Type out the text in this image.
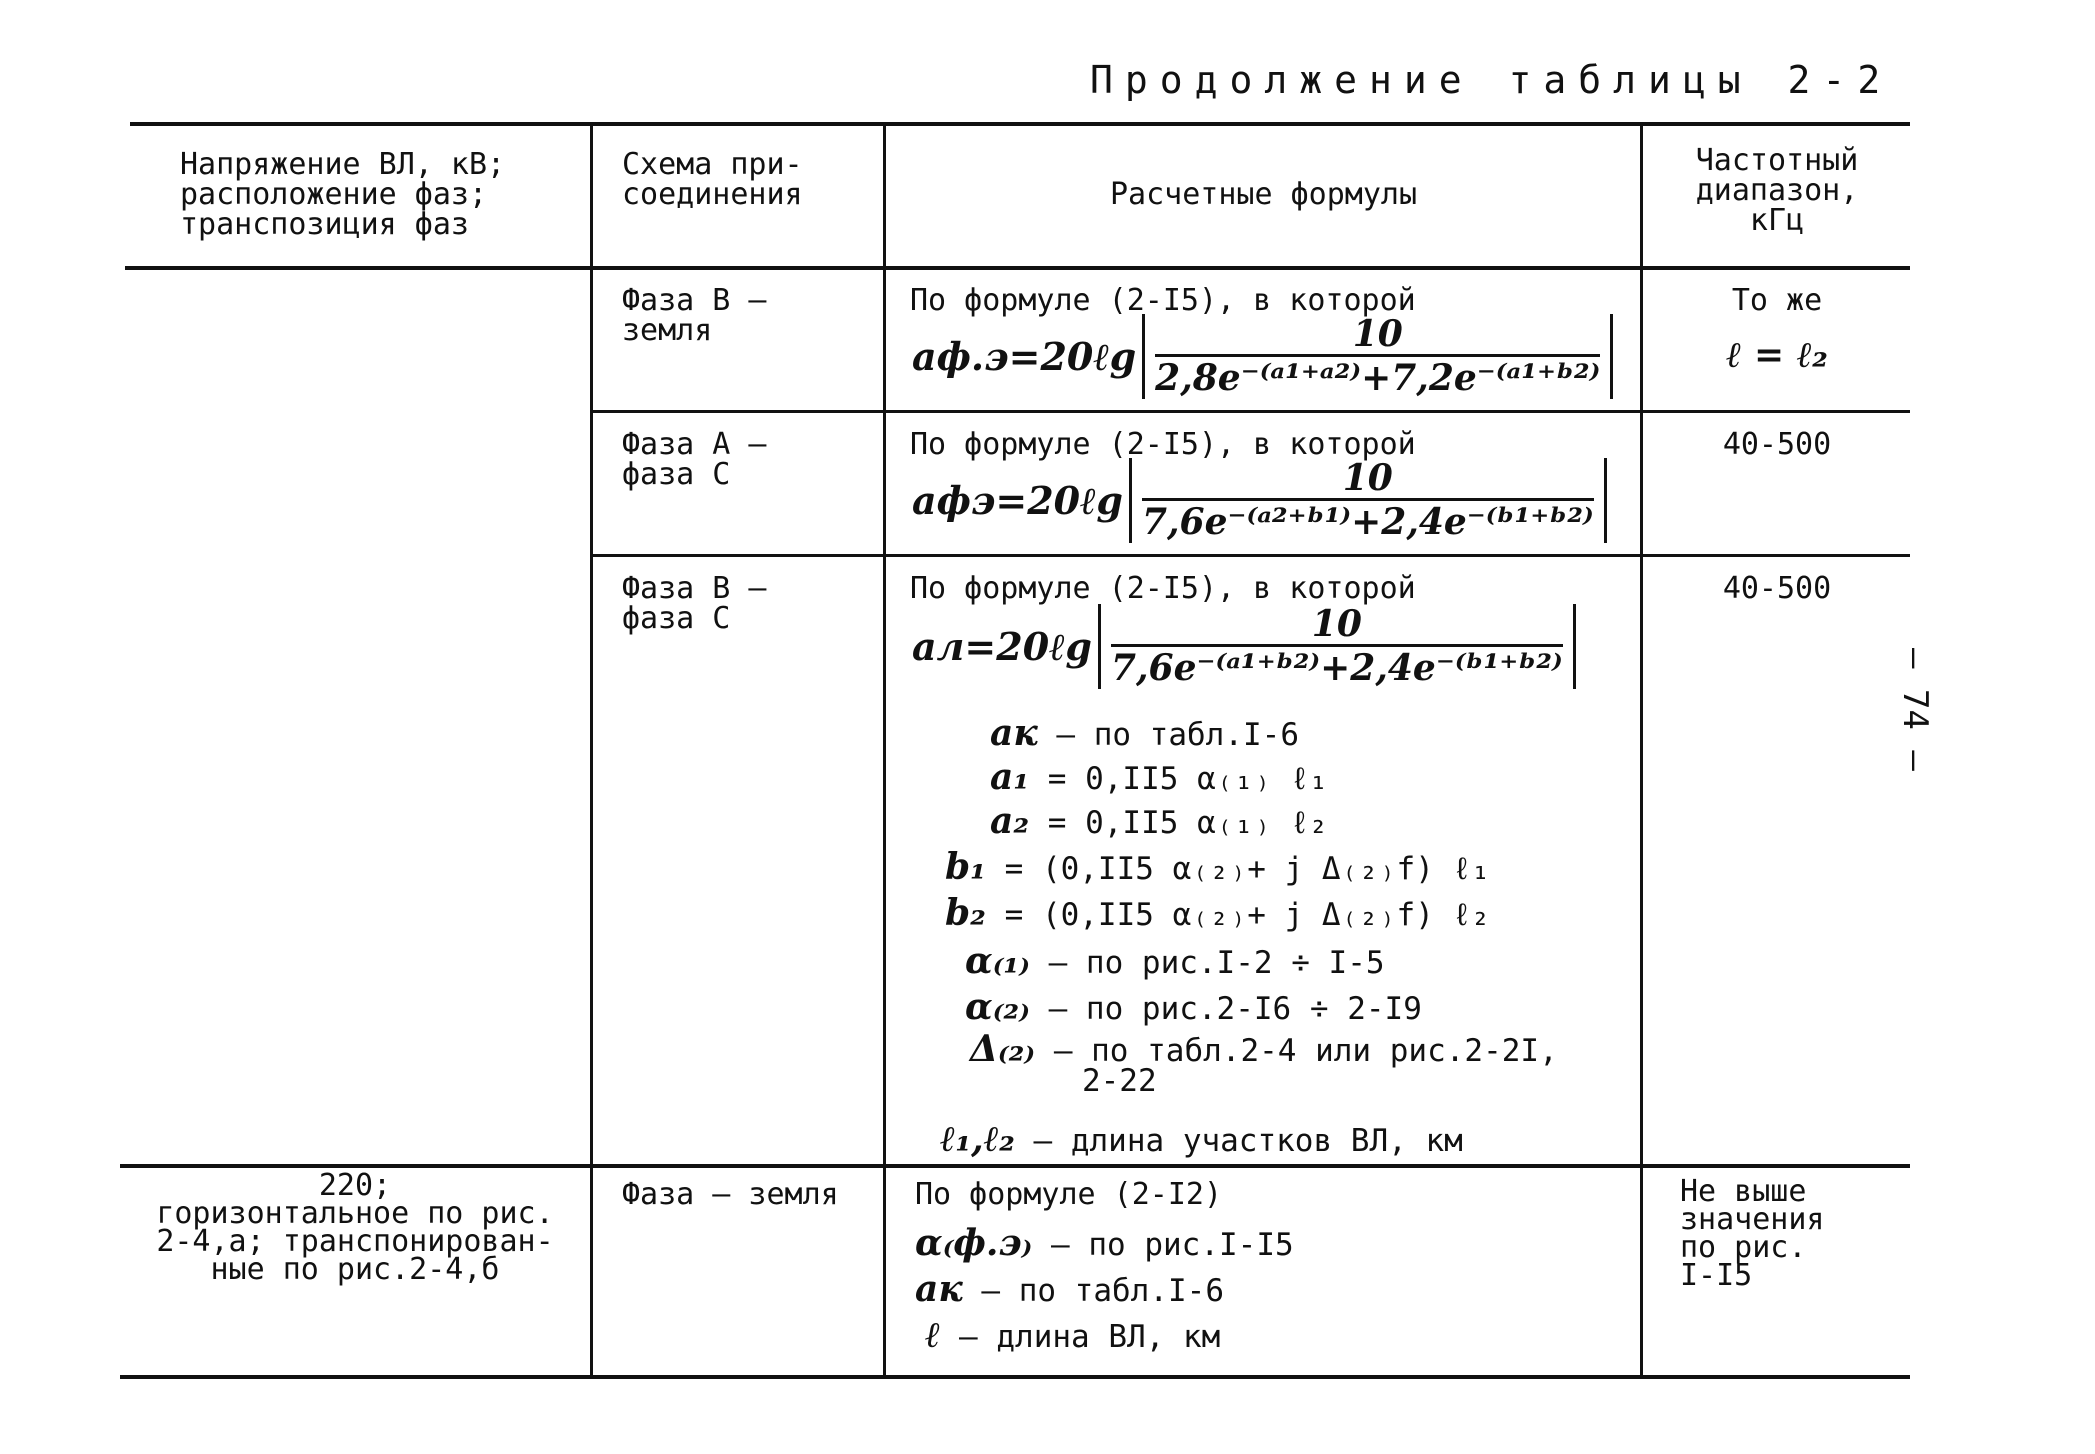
Продолжение таблицы 2-2
Напряжение ВЛ, кВ;
расположение фаз;
транспозиция фаз
Схема при-
соединения	Расчетные формулы
Частотный
диапазон,
кГц
Фаза В –
земля
По формуле (2-I5), в которой
aф.э=20ℓg $\frac{10}{\text{2,8e⁻⁽ᵃ¹⁺ᵃ²⁾+7,2e⁻⁽ᵃ¹⁺ᵇ²⁾}}$
То же
ℓ = ℓ₂
Фаза А –
фаза С
По формуле (2-I5), в которой
aфэ=20ℓg $\frac{10}{\text{7,6e⁻⁽ᵃ²⁺ᵇ¹⁾+2,4e⁻⁽ᵇ¹⁺ᵇ²⁾}}$
40-500
Фаза В –
фаза С
По формуле (2-I5), в которой
aл=20ℓg $\frac{10}{\text{7,6e⁻⁽ᵃ¹⁺ᵇ²⁾+2,4e⁻⁽ᵇ¹⁺ᵇ²⁾}}$
40-500
aк – по табл.I-6
a₁ = 0,II5 α₍₁₎ ℓ₁
a₂ = 0,II5 α₍₁₎ ℓ₂
b₁ = (0,II5 α₍₂₎+ j Δ₍₂₎f) ℓ₁
b₂ = (0,II5 α₍₂₎+ j Δ₍₂₎f) ℓ₂
α₍₁₎ – по рис.I-2 ÷ I-5
α₍₂₎ – по рис.2-I6 ÷ 2-I9
Δ₍₂₎ – по табл.2-4 или рис.2-2I,
2-22
ℓ₁,ℓ₂ – длина участков ВЛ, км
220;
горизонтальное по рис.
2-4,а; транспонирован-
ные по рис.2-4,б
Фаза – земля	По формуле (2-I2)
α₍ф.э₎ – по рис.I-I5
aк – по табл.I-6
ℓ – длина ВЛ, км
Не выше
значения
по рис.
I-I5
– 74 –
